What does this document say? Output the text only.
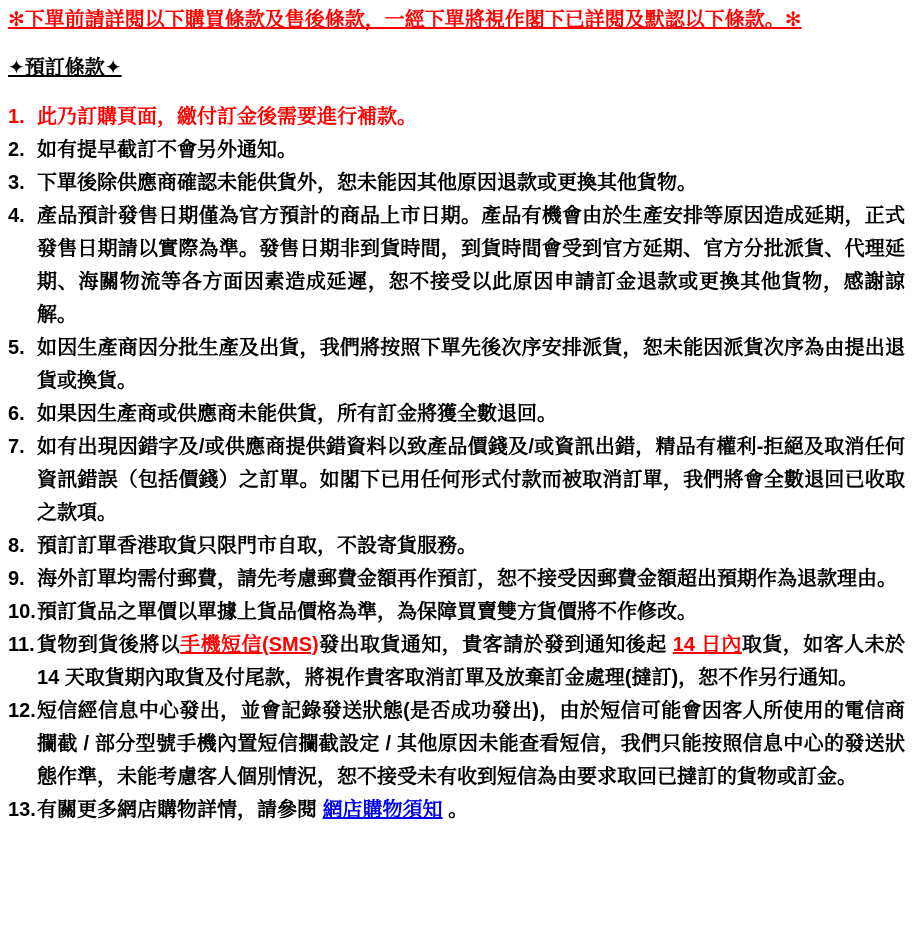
✻下單前請詳閱以下購買條款及售後條款，一經下單將視作閣下已詳閱及默認以下條款。✻
✦預訂條款✦
1. 此乃訂購頁面，繳付訂金後需要進行補款。
2. 如有提早截訂不會另外通知。
3. 下單後除供應商確認未能供貨外，恕未能因其他原因退款或更換其他貨物。
4. 產品預計發售日期僅為官方預計的商品上市日期。產品有機會由於生產安排等原因造成延期，正式發售日期請以實際為準。發售日期非到貨時間，到貨時間會受到官方延期、官方分批派貨、代理延期、海關物流等各方面因素造成延遲，恕不接受以此原因申請訂金退款或更換其他貨物，感謝諒解。
5. 如因生產商因分批生產及出貨，我們將按照下單先後次序安排派貨，恕未能因派貨次序為由提出退貨或換貨。
6. 如果因生產商或供應商未能供貨，所有訂金將獲全數退回。
7. 如有出現因錯字及/或供應商提供錯資料以致產品價錢及/或資訊出錯，精品有權利-拒絕及取消任何資訊錯誤（包括價錢）之訂單。如閣下已用任何形式付款而被取消訂單，我們將會全數退回已收取之款項。
8. 預訂訂單香港取貨只限門市自取，不設寄貨服務。
9. 海外訂單均需付郵費，請先考慮郵費金額再作預訂，恕不接受因郵費金額超出預期作為退款理由。
10. 預訂貨品之單價以單據上貨品價格為準，為保障買賣雙方貨價將不作修改。
11. 貨物到貨後將以手機短信(SMS)發出取貨通知，貴客請於發到通知後起 14 日內取貨，如客人未於 14 天取貨期內取貨及付尾款，將視作貴客取消訂單及放棄訂金處理(撻訂)，恕不作另行通知。
12. 短信經信息中心發出，並會記錄發送狀態(是否成功發出)，由於短信可能會因客人所使用的電信商攔截 / 部分型號手機內置短信攔截設定 / 其他原因未能查看短信，我們只能按照信息中心的發送狀態作準，未能考慮客人個別情況，恕不接受未有收到短信為由要求取回已撻訂的貨物或訂金。
13. 有關更多網店購物詳情，請參閱 網店購物須知 。
